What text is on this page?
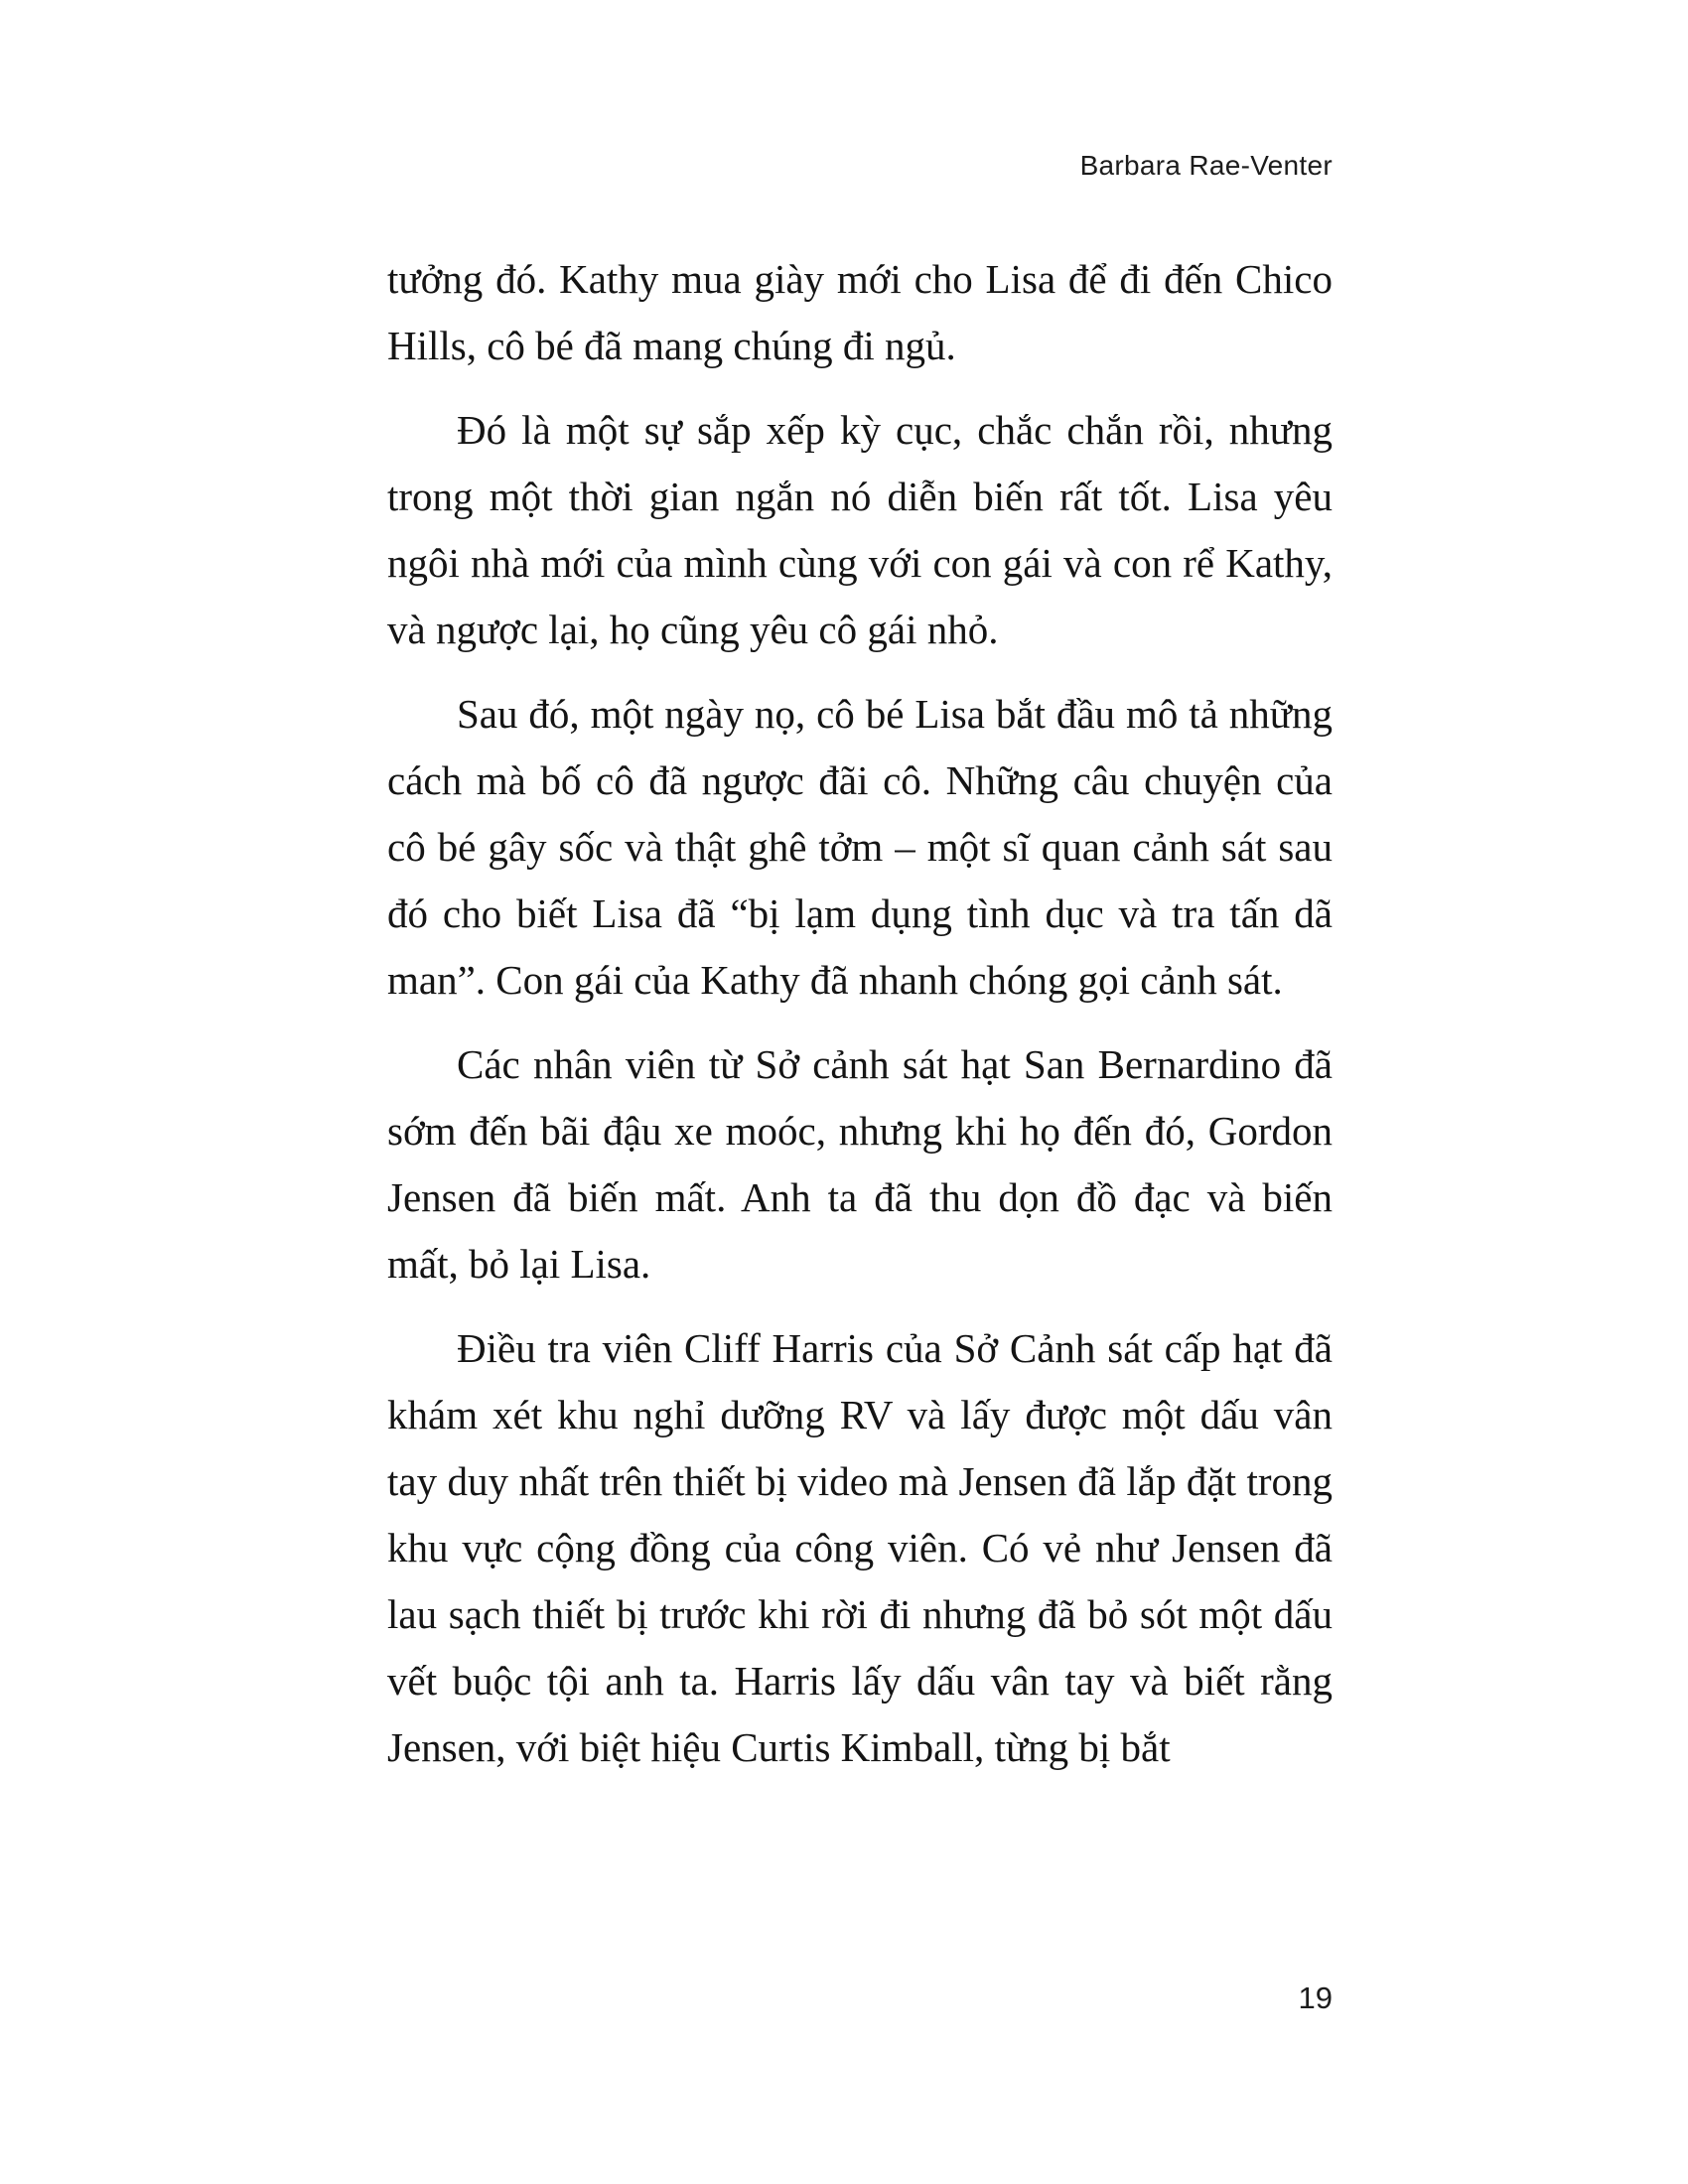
Barbara Rae-Venter

tưởng đó. Kathy mua giày mới cho Lisa để đi đến Chico Hills, cô bé đã mang chúng đi ngủ.

Đó là một sự sắp xếp kỳ cục, chắc chắn rồi, nhưng trong một thời gian ngắn nó diễn biến rất tốt. Lisa yêu ngôi nhà mới của mình cùng với con gái và con rể Kathy, và ngược lại, họ cũng yêu cô gái nhỏ.

Sau đó, một ngày nọ, cô bé Lisa bắt đầu mô tả những cách mà bố cô đã ngược đãi cô. Những câu chuyện của cô bé gây sốc và thật ghê tởm – một sĩ quan cảnh sát sau đó cho biết Lisa đã “bị lạm dụng tình dục và tra tấn dã man”. Con gái của Kathy đã nhanh chóng gọi cảnh sát.

Các nhân viên từ Sở cảnh sát hạt San Bernardino đã sớm đến bãi đậu xe moóc, nhưng khi họ đến đó, Gordon Jensen đã biến mất. Anh ta đã thu dọn đồ đạc và biến mất, bỏ lại Lisa.

Điều tra viên Cliff Harris của Sở Cảnh sát cấp hạt đã khám xét khu nghỉ dưỡng RV và lấy được một dấu vân tay duy nhất trên thiết bị video mà Jensen đã lắp đặt trong khu vực cộng đồng của công viên. Có vẻ như Jensen đã lau sạch thiết bị trước khi rời đi nhưng đã bỏ sót một dấu vết buộc tội anh ta. Harris lấy dấu vân tay và biết rằng Jensen, với biệt hiệu Curtis Kimball, từng bị bắt

19
